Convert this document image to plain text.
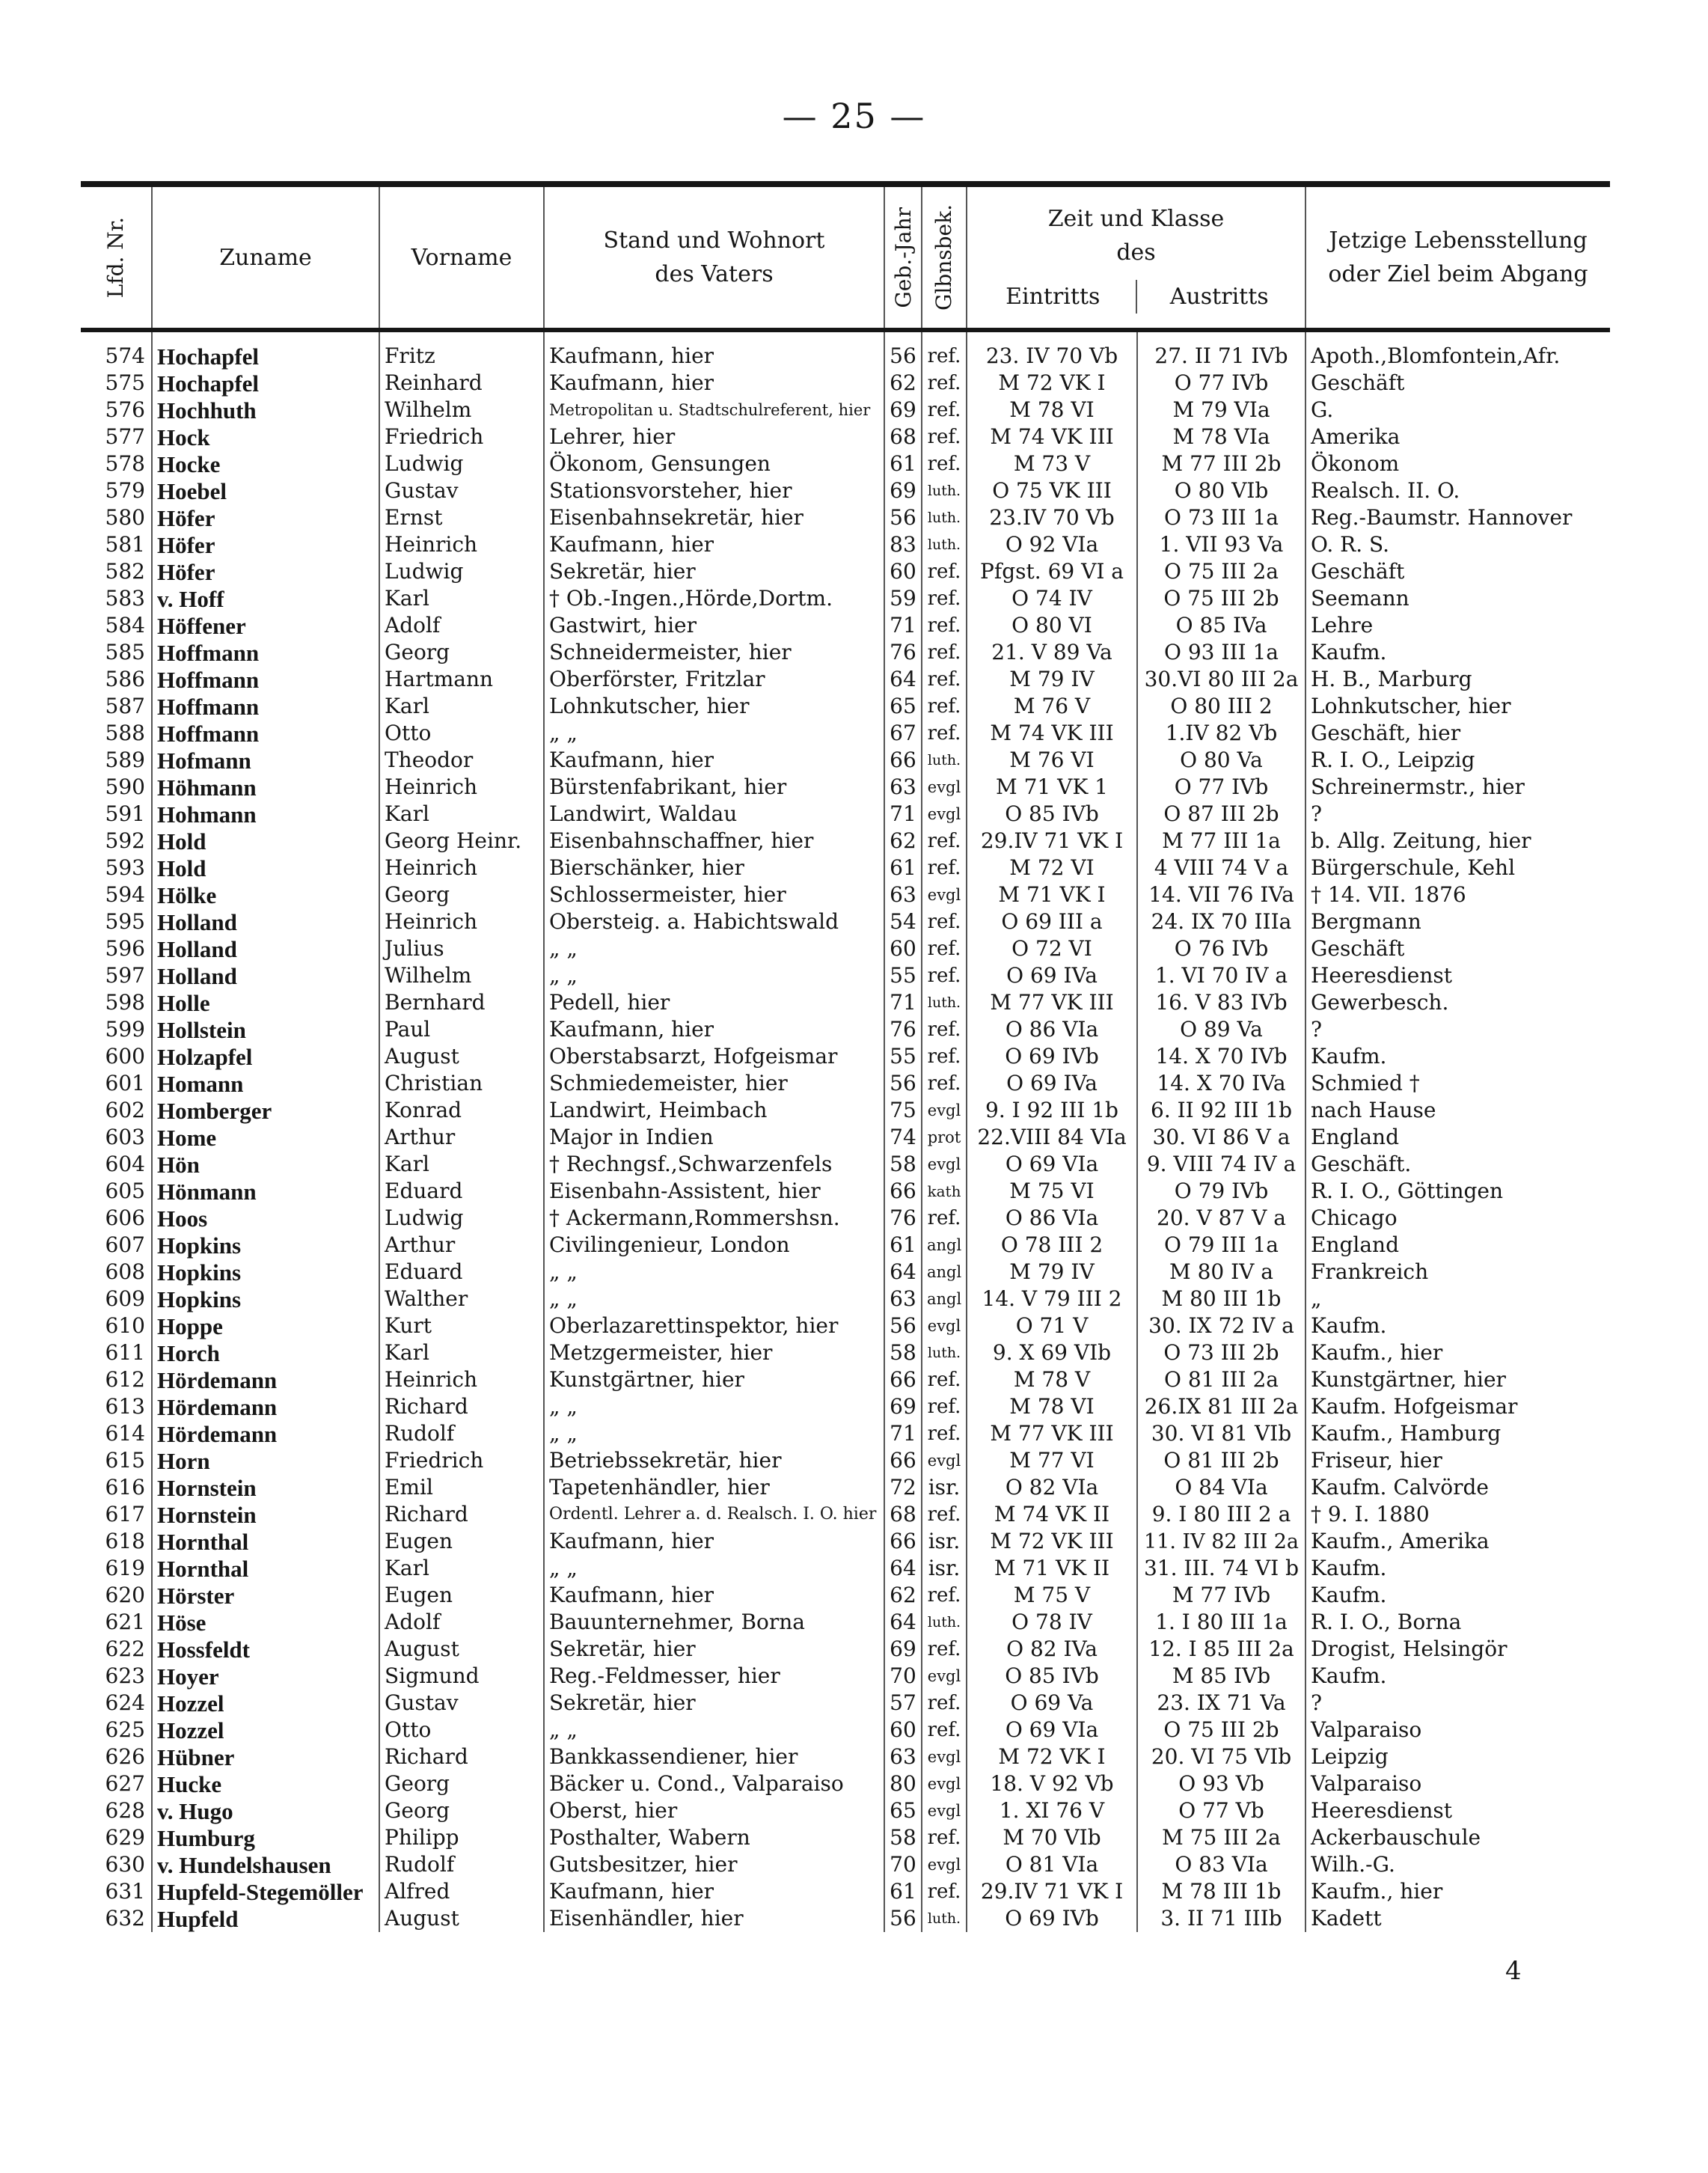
— 25 —
Lfd. Nr.	Zuname	Vorname	Stand und Wohnort
des Vaters	Geb.-Jahr	Glbnsbek.	Zeit und Klasse
des
Eintritts Austritts		Jetzige Lebensstellung
oder Ziel beim Abgang
574	Hochapfel	Fritz	Kaufmann, hier	56	ref.	23. IV 70 Vb	27. II 71 IVb	Apoth.,Blomfontein,Afr.
575	Hochapfel	Reinhard	Kaufmann, hier	62	ref.	M 72 VK I	O 77 IVb	Geschäft
576	Hochhuth	Wilhelm	Metropolitan u. Stadtschulreferent, hier	69	ref.	M 78 VI	M 79 VIa	G.
577	Hock	Friedrich	Lehrer, hier	68	ref.	M 74 VK III	M 78 VIa	Amerika
578	Hocke	Ludwig	Ökonom, Gensungen	61	ref.	M 73 V	M 77 III 2b	Ökonom
579	Hoebel	Gustav	Stationsvorsteher, hier	69	luth.	O 75 VK III	O 80 VIb	Realsch. II. O.
580	Höfer	Ernst	Eisenbahnsekretär, hier	56	luth.	23.IV 70 Vb	O 73 III 1a	Reg.-Baumstr. Hannover
581	Höfer	Heinrich	Kaufmann, hier	83	luth.	O 92 VIa	1. VII 93 Va	O. R. S.
582	Höfer	Ludwig	Sekretär, hier	60	ref.	Pfgst. 69 VI a	O 75 III 2a	Geschäft
583	v. Hoff	Karl	† Ob.-Ingen.,Hörde,Dortm.	59	ref.	O 74 IV	O 75 III 2b	Seemann
584	Höffener	Adolf	Gastwirt, hier	71	ref.	O 80 VI	O 85 IVa	Lehre
585	Hoffmann	Georg	Schneidermeister, hier	76	ref.	21. V 89 Va	O 93 III 1a	Kaufm.
586	Hoffmann	Hartmann	Oberförster, Fritzlar	64	ref.	M 79 IV	30.VI 80 III 2a	H. B., Marburg
587	Hoffmann	Karl	Lohnkutscher, hier	65	ref.	M 76 V	O 80 III 2	Lohnkutscher, hier
588	Hoffmann	Otto	„ „	67	ref.	M 74 VK III	1.IV 82 Vb	Geschäft, hier
589	Hofmann	Theodor	Kaufmann, hier	66	luth.	M 76 VI	O 80 Va	R. I. O., Leipzig
590	Höhmann	Heinrich	Bürstenfabrikant, hier	63	evgl	M 71 VK 1	O 77 IVb	Schreinermstr., hier
591	Hohmann	Karl	Landwirt, Waldau	71	evgl	O 85 IVb	O 87 III 2b	?
592	Hold	Georg Heinr.	Eisenbahnschaffner, hier	62	ref.	29.IV 71 VK I	M 77 III 1a	b. Allg. Zeitung, hier
593	Hold	Heinrich	Bierschänker, hier	61	ref.	M 72 VI	4 VIII 74 V a	Bürgerschule, Kehl
594	Hölke	Georg	Schlossermeister, hier	63	evgl	M 71 VK I	14. VII 76 IVa	† 14. VII. 1876
595	Holland	Heinrich	Obersteig. a. Habichtswald	54	ref.	O 69 III a	24. IX 70 IIIa	Bergmann
596	Holland	Julius	„ „	60	ref.	O 72 VI	O 76 IVb	Geschäft
597	Holland	Wilhelm	„ „	55	ref.	O 69 IVa	1. VI 70 IV a	Heeresdienst
598	Holle	Bernhard	Pedell, hier	71	luth.	M 77 VK III	16. V 83 IVb	Gewerbesch.
599	Hollstein	Paul	Kaufmann, hier	76	ref.	O 86 VIa	O 89 Va	?
600	Holzapfel	August	Oberstabsarzt, Hofgeismar	55	ref.	O 69 IVb	14. X 70 IVb	Kaufm.
601	Homann	Christian	Schmiedemeister, hier	56	ref.	O 69 IVa	14. X 70 IVa	Schmied †
602	Homberger	Konrad	Landwirt, Heimbach	75	evgl	9. I 92 III 1b	6. II 92 III 1b	nach Hause
603	Home	Arthur	Major in Indien	74	prot	22.VIII 84 VIa	30. VI 86 V a	England
604	Hön	Karl	† Rechngsf.,Schwarzenfels	58	evgl	O 69 VIa	9. VIII 74 IV a	Geschäft.
605	Hönmann	Eduard	Eisenbahn-Assistent, hier	66	kath	M 75 VI	O 79 IVb	R. I. O., Göttingen
606	Hoos	Ludwig	† Ackermann,Rommershsn.	76	ref.	O 86 VIa	20. V 87 V a	Chicago
607	Hopkins	Arthur	Civilingenieur, London	61	angl	O 78 III 2	O 79 III 1a	England
608	Hopkins	Eduard	„ „	64	angl	M 79 IV	M 80 IV a	Frankreich
609	Hopkins	Walther	„ „	63	angl	14. V 79 III 2	M 80 III 1b	„
610	Hoppe	Kurt	Oberlazarettinspektor, hier	56	evgl	O 71 V	30. IX 72 IV a	Kaufm.
611	Horch	Karl	Metzgermeister, hier	58	luth.	9. X 69 VIb	O 73 III 2b	Kaufm., hier
612	Hördemann	Heinrich	Kunstgärtner, hier	66	ref.	M 78 V	O 81 III 2a	Kunstgärtner, hier
613	Hördemann	Richard	„ „	69	ref.	M 78 VI	26.IX 81 III 2a	Kaufm. Hofgeismar
614	Hördemann	Rudolf	„ „	71	ref.	M 77 VK III	30. VI 81 VIb	Kaufm., Hamburg
615	Horn	Friedrich	Betriebssekretär, hier	66	evgl	M 77 VI	O 81 III 2b	Friseur, hier
616	Hornstein	Emil	Tapetenhändler, hier	72	isr.	O 82 VIa	O 84 VIa	Kaufm. Calvörde
617	Hornstein	Richard	Ordentl. Lehrer a. d. Realsch. I. O. hier	68	ref.	M 74 VK II	9. I 80 III 2 a	† 9. I. 1880
618	Hornthal	Eugen	Kaufmann, hier	66	isr.	M 72 VK III	11. IV 82 III 2a	Kaufm., Amerika
619	Hornthal	Karl	„ „	64	isr.	M 71 VK II	31. III. 74 VI b	Kaufm.
620	Hörster	Eugen	Kaufmann, hier	62	ref.	M 75 V	M 77 IVb	Kaufm.
621	Höse	Adolf	Bauunternehmer, Borna	64	luth.	O 78 IV	1. I 80 III 1a	R. I. O., Borna
622	Hossfeldt	August	Sekretär, hier	69	ref.	O 82 IVa	12. I 85 III 2a	Drogist, Helsingör
623	Hoyer	Sigmund	Reg.-Feldmesser, hier	70	evgl	O 85 IVb	M 85 IVb	Kaufm.
624	Hozzel	Gustav	Sekretär, hier	57	ref.	O 69 Va	23. IX 71 Va	?
625	Hozzel	Otto	„ „	60	ref.	O 69 VIa	O 75 III 2b	Valparaiso
626	Hübner	Richard	Bankkassendiener, hier	63	evgl	M 72 VK I	20. VI 75 VIb	Leipzig
627	Hucke	Georg	Bäcker u. Cond., Valparaiso	80	evgl	18. V 92 Vb	O 93 Vb	Valparaiso
628	v. Hugo	Georg	Oberst, hier	65	evgl	1. XI 76 V	O 77 Vb	Heeresdienst
629	Humburg	Philipp	Posthalter, Wabern	58	ref.	M 70 VIb	M 75 III 2a	Ackerbauschule
630	v. Hundelshausen	Rudolf	Gutsbesitzer, hier	70	evgl	O 81 VIa	O 83 VIa	Wilh.-G.
631	Hupfeld-Stegemöller	Alfred	Kaufmann, hier	61	ref.	29.IV 71 VK I	M 78 III 1b	Kaufm., hier
632	Hupfeld	August	Eisenhändler, hier	56	luth.	O 69 IVb	3. II 71 IIIb	Kadett
4
